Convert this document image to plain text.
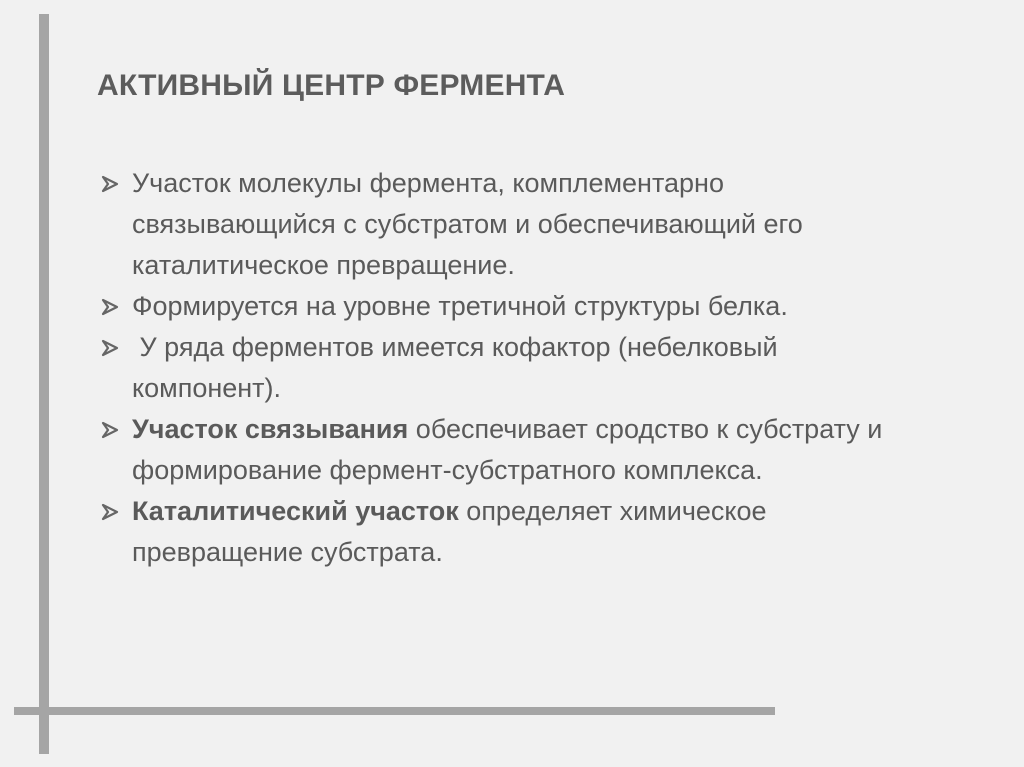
АКТИВНЫЙ ЦЕНТР ФЕРМЕНТА
Участок молекулы фермента, комплементарно связывающийся с субстратом и обеспечивающий его каталитическое превращение.
Формируется на уровне третичной структуры белка.
У ряда ферментов имеется кофактор (небелковый компонент).
Участок связывания обеспечивает сродство к субстрату и формирование фермент-субстратного комплекса.
Каталитический участок определяет химическое превращение субстрата.
